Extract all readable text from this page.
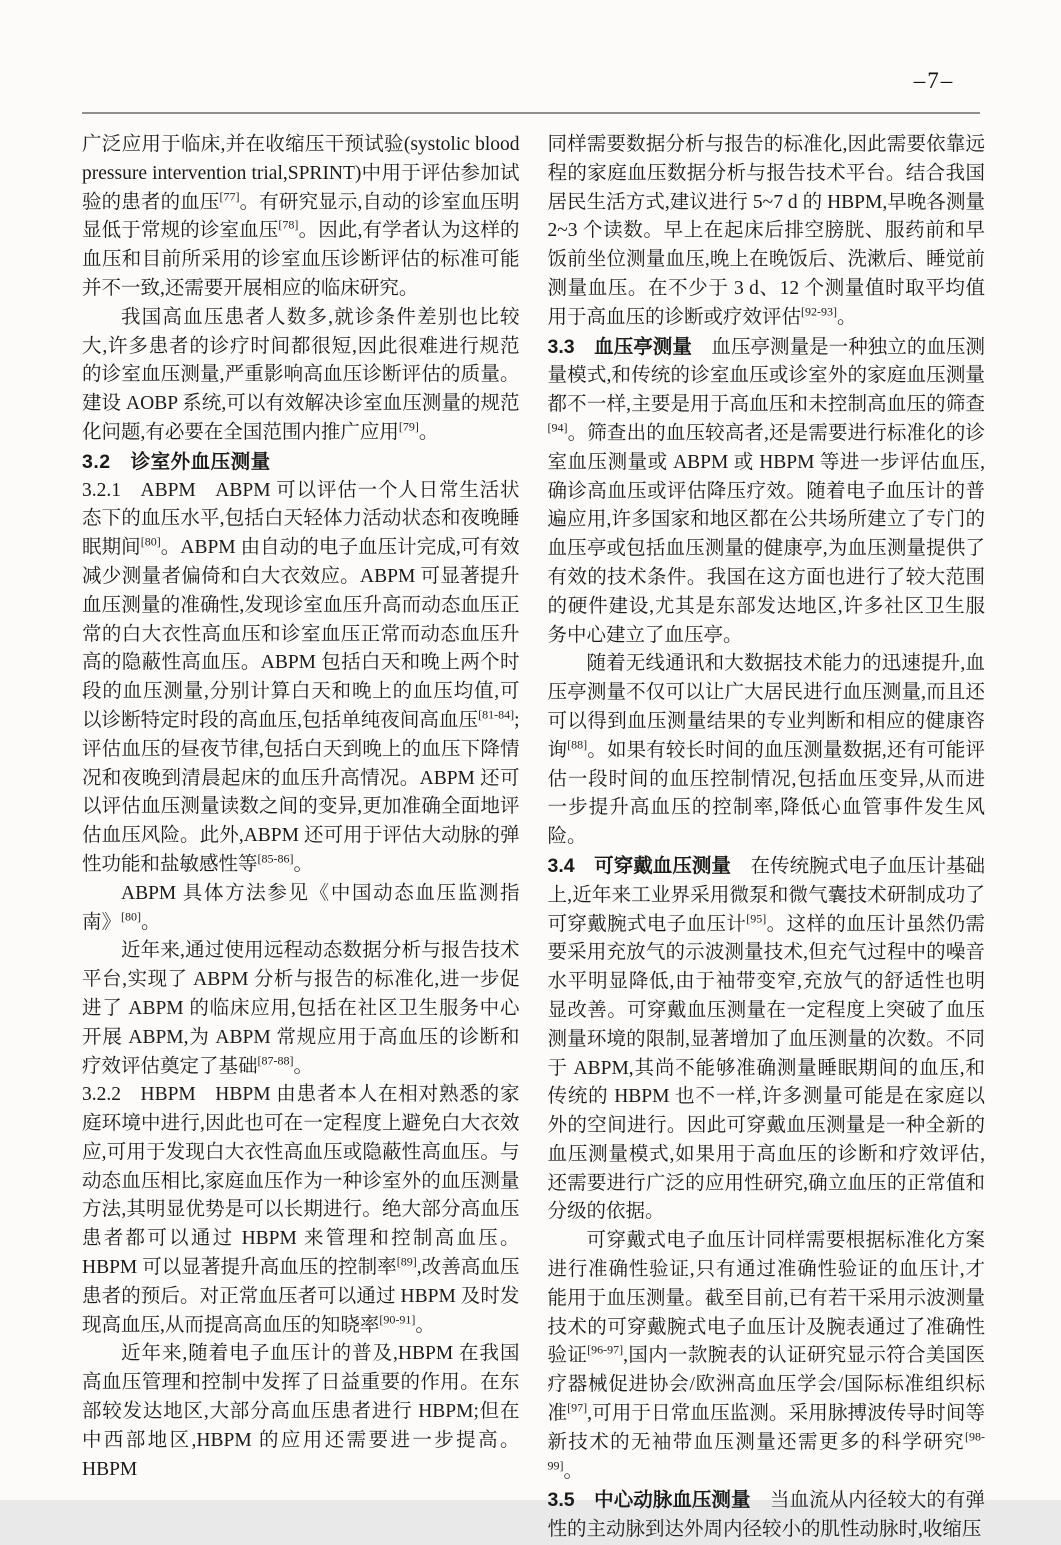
–7–

广泛应用于临床,并在收缩压干预试验(systolic blood pressure intervention trial,SPRINT)中用于评估参加试验的患者的血压[77]。有研究显示,自动的诊室血压明显低于常规的诊室血压[78]。因此,有学者认为这样的血压和目前所采用的诊室血压诊断评估的标准可能并不一致,还需要开展相应的临床研究。

我国高血压患者人数多,就诊条件差别也比较大,许多患者的诊疗时间都很短,因此很难进行规范的诊室血压测量,严重影响高血压诊断评估的质量。建设 AOBP 系统,可以有效解决诊室血压测量的规范化问题,有必要在全国范围内推广应用[79]。

3.2 诊室外血压测量

3.2.1 ABPM ABPM 可以评估一个人日常生活状态下的血压水平,包括白天轻体力活动状态和夜晚睡眠期间[80]。ABPM 由自动的电子血压计完成,可有效减少测量者偏倚和白大衣效应。ABPM 可显著提升血压测量的准确性,发现诊室血压升高而动态血压正常的白大衣性高血压和诊室血压正常而动态血压升高的隐蔽性高血压。ABPM 包括白天和晚上两个时段的血压测量,分别计算白天和晚上的血压均值,可以诊断特定时段的高血压,包括单纯夜间高血压[81-84];评估血压的昼夜节律,包括白天到晚上的血压下降情况和夜晚到清晨起床的血压升高情况。ABPM 还可以评估血压测量读数之间的变异,更加准确全面地评估血压风险。此外,ABPM 还可用于评估大动脉的弹性功能和盐敏感性等[85-86]。

ABPM 具体方法参见《中国动态血压监测指南》[80]。

近年来,通过使用远程动态数据分析与报告技术平台,实现了 ABPM 分析与报告的标准化,进一步促进了 ABPM 的临床应用,包括在社区卫生服务中心开展 ABPM,为 ABPM 常规应用于高血压的诊断和疗效评估奠定了基础[87-88]。

3.2.2 HBPM HBPM 由患者本人在相对熟悉的家庭环境中进行,因此也可在一定程度上避免白大衣效应,可用于发现白大衣性高血压或隐蔽性高血压。与动态血压相比,家庭血压作为一种诊室外的血压测量方法,其明显优势是可以长期进行。绝大部分高血压患者都可以通过 HBPM 来管理和控制高血压。HBPM 可以显著提升高血压的控制率[89],改善高血压患者的预后。对正常血压者可以通过 HBPM 及时发现高血压,从而提高高血压的知晓率[90-91]。

近年来,随着电子血压计的普及,HBPM 在我国高血压管理和控制中发挥了日益重要的作用。在东部较发达地区,大部分高血压患者进行 HBPM;但在中西部地区,HBPM 的应用还需要进一步提高。HBPM

同样需要数据分析与报告的标准化,因此需要依靠远程的家庭血压数据分析与报告技术平台。结合我国居民生活方式,建议进行 5~7 d 的 HBPM,早晚各测量 2~3 个读数。早上在起床后排空膀胱、服药前和早饭前坐位测量血压,晚上在晚饭后、洗漱后、睡觉前测量血压。在不少于 3 d、12 个测量值时取平均值用于高血压的诊断或疗效评估[92-93]。

3.3 血压亭测量 血压亭测量是一种独立的血压测量模式,和传统的诊室血压或诊室外的家庭血压测量都不一样,主要是用于高血压和未控制高血压的筛查[94]。筛查出的血压较高者,还是需要进行标准化的诊室血压测量或 ABPM 或 HBPM 等进一步评估血压,确诊高血压或评估降压疗效。随着电子血压计的普遍应用,许多国家和地区都在公共场所建立了专门的血压亭或包括血压测量的健康亭,为血压测量提供了有效的技术条件。我国在这方面也进行了较大范围的硬件建设,尤其是东部发达地区,许多社区卫生服务中心建立了血压亭。

随着无线通讯和大数据技术能力的迅速提升,血压亭测量不仅可以让广大居民进行血压测量,而且还可以得到血压测量结果的专业判断和相应的健康咨询[88]。如果有较长时间的血压测量数据,还有可能评估一段时间的血压控制情况,包括血压变异,从而进一步提升高血压的控制率,降低心血管事件发生风险。

3.4 可穿戴血压测量 在传统腕式电子血压计基础上,近年来工业界采用微泵和微气囊技术研制成功了可穿戴腕式电子血压计[95]。这样的血压计虽然仍需要采用充放气的示波测量技术,但充气过程中的噪音水平明显降低,由于袖带变窄,充放气的舒适性也明显改善。可穿戴血压测量在一定程度上突破了血压测量环境的限制,显著增加了血压测量的次数。不同于 ABPM,其尚不能够准确测量睡眠期间的血压,和传统的 HBPM 也不一样,许多测量可能是在家庭以外的空间进行。因此可穿戴血压测量是一种全新的血压测量模式,如果用于高血压的诊断和疗效评估,还需要进行广泛的应用性研究,确立血压的正常值和分级的依据。

可穿戴式电子血压计同样需要根据标准化方案进行准确性验证,只有通过准确性验证的血压计,才能用于血压测量。截至目前,已有若干采用示波测量技术的可穿戴腕式电子血压计及腕表通过了准确性验证[96-97],国内一款腕表的认证研究显示符合美国医疗器械促进协会/欧洲高血压学会/国际标准组织标准[97],可用于日常血压监测。采用脉搏波传导时间等新技术的无袖带血压测量还需更多的科学研究[98-99]。

3.5 中心动脉血压测量 当血流从内径较大的有弹性的主动脉到达外周内径较小的肌性动脉时,收缩压
